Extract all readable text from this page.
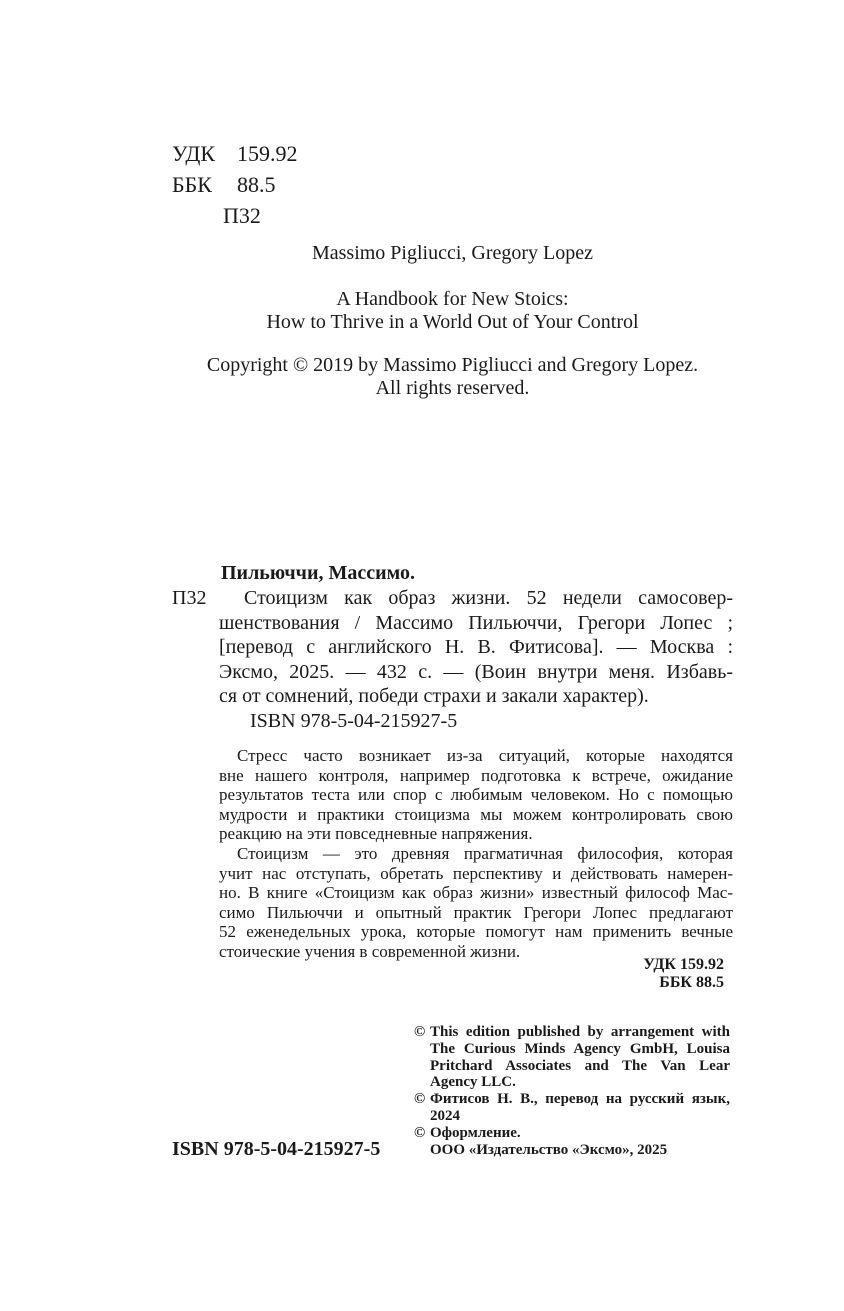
УДК 159.92
ББК 88.5
П32
Massimo Pigliucci, Gregory Lopez
A Handbook for New Stoics:
How to Thrive in a World Out of Your Control
Copyright © 2019 by Massimo Pigliucci and Gregory Lopez.
All rights reserved.
Пильюччи, Массимо.
П32	Стоицизм как образ жизни. 52 недели самосовер-
шенствования / Массимо Пильюччи, Грегори Лопес ;
[перевод с английского Н. В. Фитисова]. — Москва :
Эксмо, 2025. — 432 с. — (Воин внутри меня. Избавь-
ся от сомнений, победи страхи и закали характер).
ISBN 978-5-04-215927-5
Стресс часто возникает из-за ситуаций, которые находятся
вне нашего контроля, например подготовка к встрече, ожидание
результатов теста или спор с любимым человеком. Но с помощью
мудрости и практики стоицизма мы можем контролировать свою
реакцию на эти повседневные напряжения.
Стоицизм — это древняя прагматичная философия, которая
учит нас отступать, обретать перспективу и действовать намерен-
но. В книге «Стоицизм как образ жизни» известный философ Мас-
симо Пильюччи и опытный практик Грегори Лопес предлагают
52 еженедельных урока, которые помогут нам применить вечные
стоические учения в современной жизни.
УДК 159.92
ББК 88.5
© This edition published by arrangement with
The Curious Minds Agency GmbH, Louisa
Pritchard Associates and The Van Lear
Agency LLC.
© Фитисов Н. В., перевод на русский язык,
2024
© Оформление.
ООО «Издательство «Эксмо», 2025
ISBN 978-5-04-215927-5
